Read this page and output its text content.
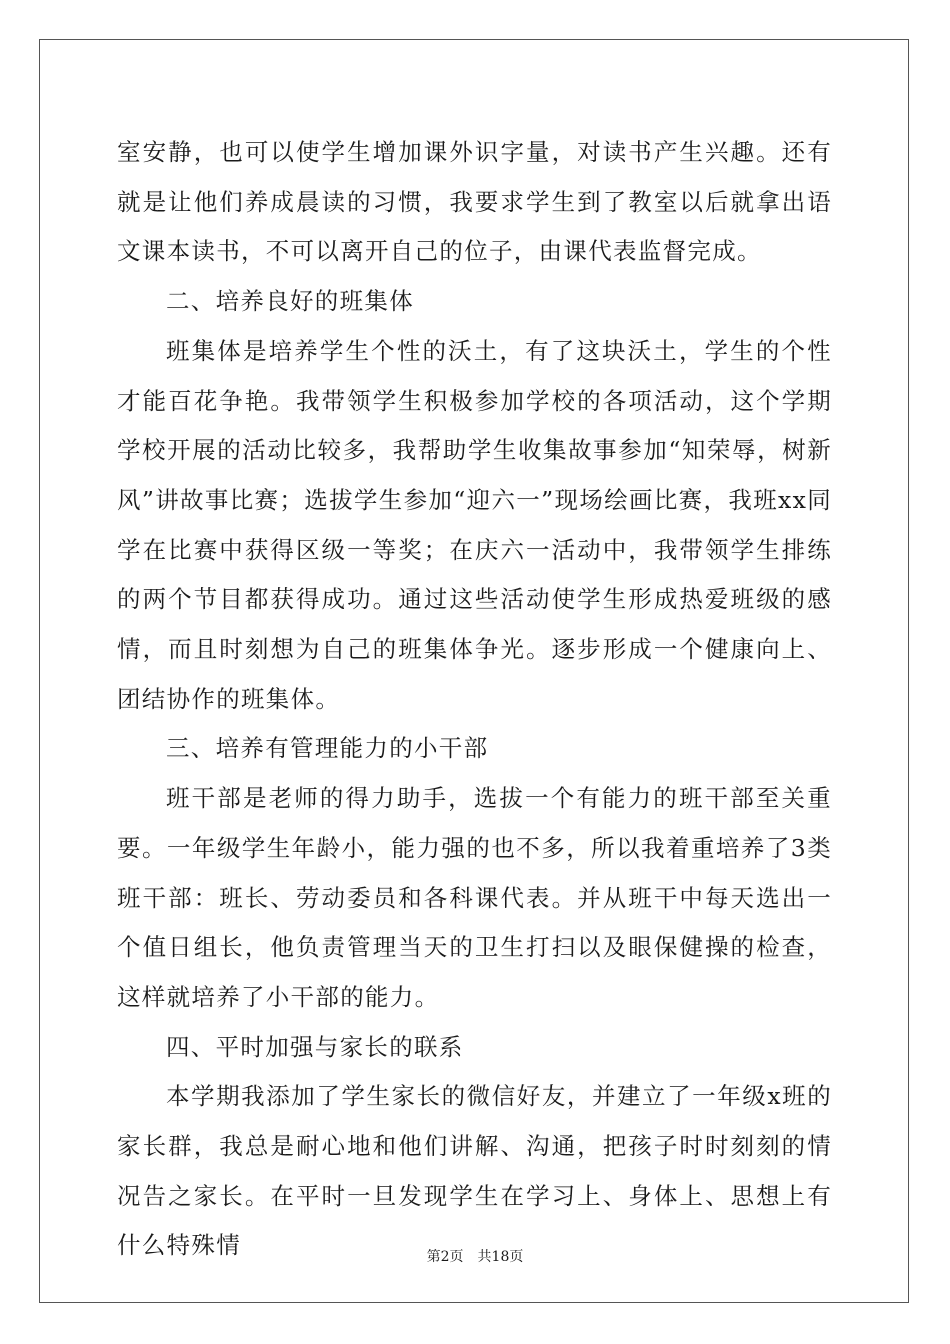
室安静，也可以使学生增加课外识字量，对读书产生兴趣。还有就是让他们养成晨读的习惯，我要求学生到了教室以后就拿出语文课本读书，不可以离开自己的位子，由课代表监督完成。

二、培养良好的班集体

班集体是培养学生个性的沃土，有了这块沃土，学生的个性才能百花争艳。我带领学生积极参加学校的各项活动，这个学期学校开展的活动比较多，我帮助学生收集故事参加“知荣辱，树新风”讲故事比赛；选拔学生参加“迎六一”现场绘画比赛，我班xx同学在比赛中获得区级一等奖；在庆六一活动中，我带领学生排练的两个节目都获得成功。通过这些活动使学生形成热爱班级的感情，而且时刻想为自己的班集体争光。逐步形成一个健康向上、团结协作的班集体。

三、培养有管理能力的小干部

班干部是老师的得力助手，选拔一个有能力的班干部至关重要。一年级学生年龄小，能力强的也不多，所以我着重培养了3类班干部：班长、劳动委员和各科课代表。并从班干中每天选出一个值日组长，他负责管理当天的卫生打扫以及眼保健操的检查，这样就培养了小干部的能力。

四、平时加强与家长的联系

本学期我添加了学生家长的微信好友，并建立了一年级x班的家长群，我总是耐心地和他们讲解、沟通，把孩子时时刻刻的情况告之家长。在平时一旦发现学生在学习上、身体上、思想上有什么特殊情	第2页　共18页
